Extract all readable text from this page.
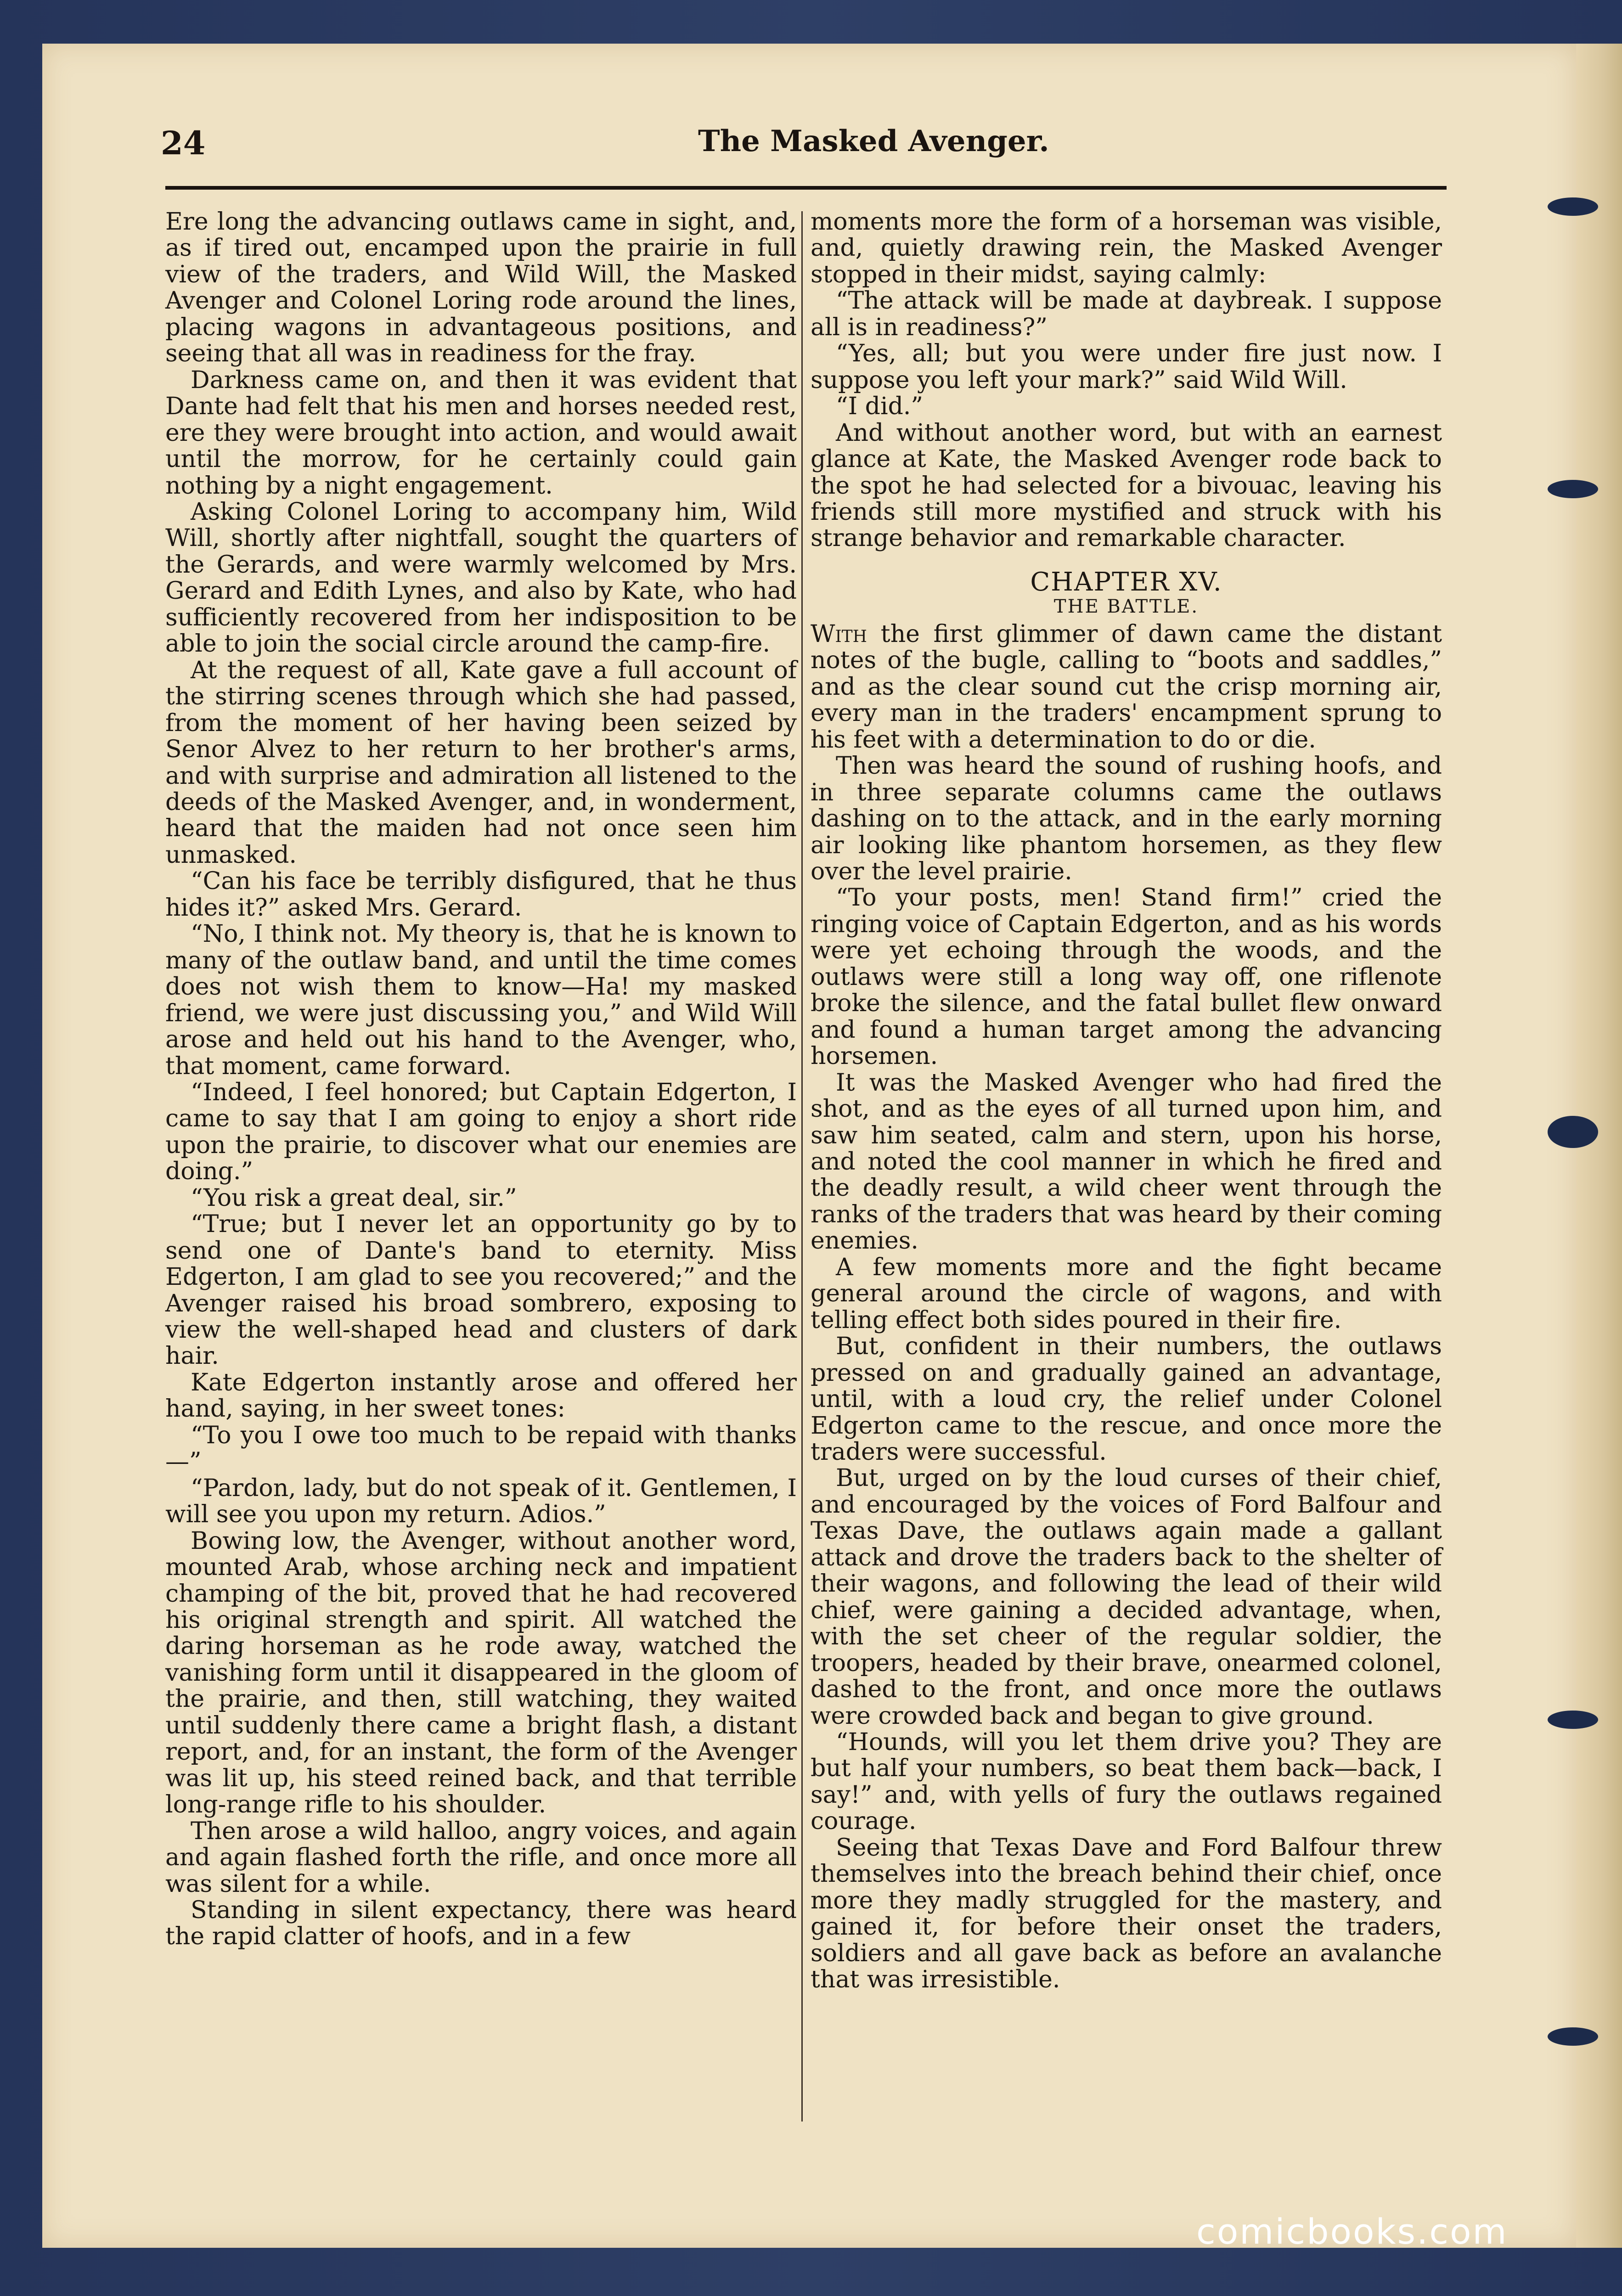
24	The Masked Avenger.

Ere long the advancing outlaws came in sight, and, as if tired out, encamped upon the prairie in full view of the traders, and Wild Will, the Masked Avenger and Colonel Loring rode around the lines, placing wagons in advantageous positions, and seeing that all was in readiness for the fray.

Darkness came on, and then it was evident that Dante had felt that his men and horses needed rest, ere they were brought into action, and would await until the morrow, for he certainly could gain nothing by a night engagement.

Asking Colonel Loring to accompany him, Wild Will, shortly after nightfall, sought the quarters of the Gerards, and were warmly welcomed by Mrs. Gerard and Edith Lynes, and also by Kate, who had sufficiently recovered from her indisposition to be able to join the social circle around the camp-fire.

At the request of all, Kate gave a full account of the stirring scenes through which she had passed, from the moment of her having been seized by Senor Alvez to her return to her brother's arms, and with surprise and admiration all listened to the deeds of the Masked Avenger, and, in wonderment, heard that the maiden had not once seen him unmasked.

“Can his face be terribly disfigured, that he thus hides it?” asked Mrs. Gerard.

“No, I think not. My theory is, that he is known to many of the outlaw band, and until the time comes does not wish them to know—Ha! my masked friend, we were just discussing you,” and Wild Will arose and held out his hand to the Avenger, who, that moment, came forward.

“Indeed, I feel honored; but Captain Edgerton, I came to say that I am going to enjoy a short ride upon the prairie, to discover what our enemies are doing.”

“You risk a great deal, sir.”

“True; but I never let an opportunity go by to send one of Dante's band to eternity. Miss Edgerton, I am glad to see you recovered;” and the Avenger raised his broad sombrero, exposing to view the well-shaped head and clusters of dark hair.

Kate Edgerton instantly arose and offered her hand, saying, in her sweet tones:

“To you I owe too much to be repaid with thanks—”

“Pardon, lady, but do not speak of it. Gentlemen, I will see you upon my return. Adios.”

Bowing low, the Avenger, without another word, mounted Arab, whose arching neck and impatient champing of the bit, proved that he had recovered his original strength and spirit. All watched the daring horseman as he rode away, watched the vanishing form until it disappeared in the gloom of the prairie, and then, still watching, they waited until suddenly there came a bright flash, a distant report, and, for an instant, the form of the Avenger was lit up, his steed reined back, and that terrible long-range rifle to his shoulder.

Then arose a wild halloo, angry voices, and again and again flashed forth the rifle, and once more all was silent for a while.

Standing in silent expectancy, there was heard the rapid clatter of hoofs, and in a few

moments more the form of a horseman was visible, and, quietly drawing rein, the Masked Avenger stopped in their midst, saying calmly:

“The attack will be made at daybreak. I suppose all is in readiness?”

“Yes, all; but you were under fire just now. I suppose you left your mark?” said Wild Will.

“I did.”

And without another word, but with an earnest glance at Kate, the Masked Avenger rode back to the spot he had selected for a bivouac, leaving his friends still more mystified and struck with his strange behavior and remarkable character.

CHAPTER XV.
THE BATTLE.

With the first glimmer of dawn came the distant notes of the bugle, calling to “boots and saddles,” and as the clear sound cut the crisp morning air, every man in the traders' encampment sprung to his feet with a determination to do or die.

Then was heard the sound of rushing hoofs, and in three separate columns came the outlaws dashing on to the attack, and in the early morning air looking like phantom horsemen, as they flew over the level prairie.

“To your posts, men! Stand firm!” cried the ringing voice of Captain Edgerton, and as his words were yet echoing through the woods, and the outlaws were still a long way off, one riflenote broke the silence, and the fatal bullet flew onward and found a human target among the advancing horsemen.

It was the Masked Avenger who had fired the shot, and as the eyes of all turned upon him, and saw him seated, calm and stern, upon his horse, and noted the cool manner in which he fired and the deadly result, a wild cheer went through the ranks of the traders that was heard by their coming enemies.

A few moments more and the fight became general around the circle of wagons, and with telling effect both sides poured in their fire.

But, confident in their numbers, the outlaws pressed on and gradually gained an advantage, until, with a loud cry, the relief under Colonel Edgerton came to the rescue, and once more the traders were successful.

But, urged on by the loud curses of their chief, and encouraged by the voices of Ford Balfour and Texas Dave, the outlaws again made a gallant attack and drove the traders back to the shelter of their wagons, and following the lead of their wild chief, were gaining a decided advantage, when, with the set cheer of the regular soldier, the troopers, headed by their brave, onearmed colonel, dashed to the front, and once more the outlaws were crowded back and began to give ground.

“Hounds, will you let them drive you? They are but half your numbers, so beat them back—back, I say!” and, with yells of fury the outlaws regained courage.

Seeing that Texas Dave and Ford Balfour threw themselves into the breach behind their chief, once more they madly struggled for the mastery, and gained it, for before their onset the traders, soldiers and all gave back as before an avalanche that was irresistible.

comicbooks.com
